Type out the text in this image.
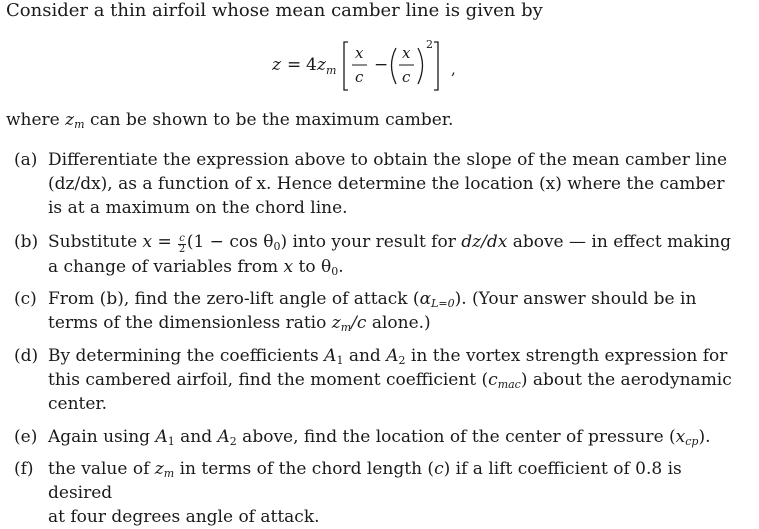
Consider a thin airfoil whose mean camber line is given by
z = 4 z m
x
c
−
x
c
2
,
where $z_m$ can be shown to be the maximum camber.
(a) Differentiate the expression above to obtain the slope of the mean camber line
(dz/dx), as a function of x. Hence determine the location (x) where the camber
is at a maximum on the chord line.
(b) Substitute $x = \frac{c}{2} (1 - \cos \theta_0)$ into your result for dz/dx above — in effect making
a change of variables from x to $\theta_0$.
(c) From (b), find the zero-lift angle of attack $(\alpha_{L=0})$. (Your answer should be in
terms of the dimensionless ratio $z_m/c$ alone.)
(d) By determining the coefficients $A_1$ and $A_2$ in the vortex strength expression for
this cambered airfoil, find the moment coefficient $(c_{mac})$ about the aerodynamic
center.
(e) Again using $A_1$ and $A_2$ above, find the location of the center of pressure $(x_{cp})$.
(f) the value of $z_m$ in terms of the chord length (c) if a lift coefficient of 0.8 is desired
at four degrees angle of attack.
